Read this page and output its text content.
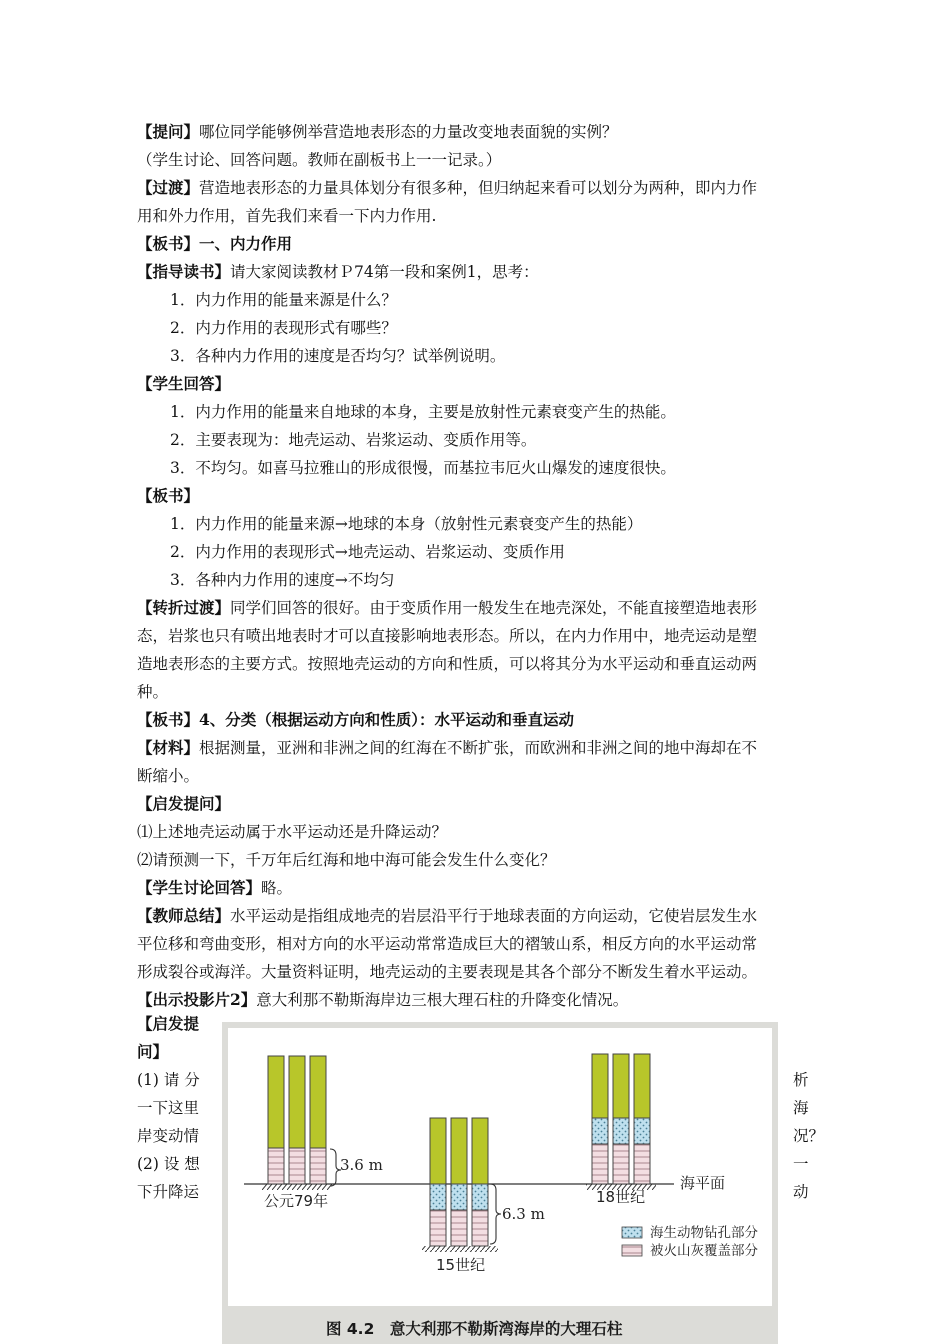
【提问】哪位同学能够例举营造地表形态的力量改变地表面貌的实例？
（学生讨论、回答问题。教师在副板书上一一记录。）
【过渡】营造地表形态的力量具体划分有很多种，但归纳起来看可以划分为两种，即内力作
用和外力作用，首先我们来看一下内力作用.
【板书】一、内力作用
【指导读书】请大家阅读教材Ｐ74第一段和案例1，思考：
1．内力作用的能量来源是什么？
2．内力作用的表现形式有哪些？
3．各种内力作用的速度是否均匀？试举例说明。
【学生回答】
1．内力作用的能量来自地球的本身，主要是放射性元素衰变产生的热能。
2．主要表现为：地壳运动、岩浆运动、变质作用等。
3．不均匀。如喜马拉雅山的形成很慢，而基拉韦厄火山爆发的速度很快。
【板书】
1．内力作用的能量来源→地球的本身（放射性元素衰变产生的热能）
2．内力作用的表现形式→地壳运动、岩浆运动、变质作用
3．各种内力作用的速度→不均匀
【转折过渡】同学们回答的很好。由于变质作用一般发生在地壳深处，不能直接塑造地表形
态，岩浆也只有喷出地表时才可以直接影响地表形态。所以，在内力作用中，地壳运动是塑
造地表形态的主要方式。按照地壳运动的方向和性质，可以将其分为水平运动和垂直运动两
种。
【板书】4、分类（根据运动方向和性质）：水平运动和垂直运动
【材料】根据测量，亚洲和非洲之间的红海在不断扩张，而欧洲和非洲之间的地中海却在不
断缩小。
【启发提问】
⑴上述地壳运动属于水平运动还是升降运动？
⑵请预测一下，千万年后红海和地中海可能会发生什么变化？
【学生讨论回答】略。
【教师总结】水平运动是指组成地壳的岩层沿平行于地球表面的方向运动，它使岩层发生水
平位移和弯曲变形，相对方向的水平运动常常造成巨大的褶皱山系，相反方向的水平运动常
形成裂谷或海洋。大量资料证明，地壳运动的主要表现是其各个部分不断发生着水平运动。
【出示投影片2】意大利那不勒斯海岸边三根大理石柱的升降变化情况。
【启发提
问】
(1) 请 分
一下这里
岸变动情
(2) 设 想
下升降运
析
海
况？
一
动
海平面
3.6 m
公元79年
6.3 m
15世纪
18世纪
海生动物钻孔部分
被火山灰覆盖部分
图 4.2　意大利那不勒斯湾海岸的大理石柱
